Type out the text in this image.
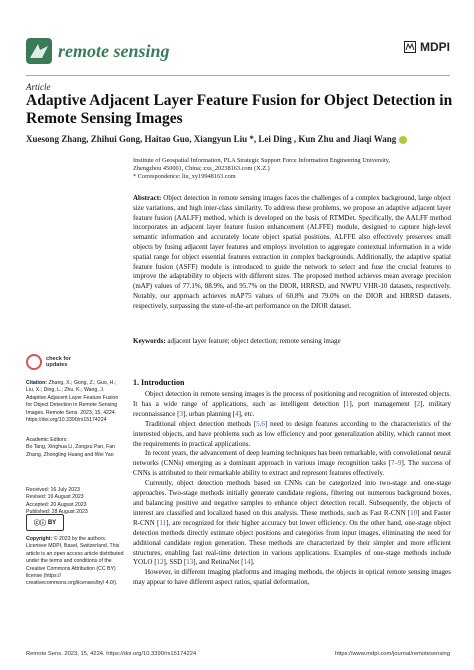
remote sensing	MDPI
Article
Adaptive Adjacent Layer Feature Fusion for Object Detection in Remote Sensing Images
Xuesong Zhang, Zhihui Gong, Haitao Guo, Xiangyun Liu *, Lei Ding , Kun Zhu and Jiaqi Wang
Institute of Geospatial Information, PLA Strategic Support Force Information Engineering University,
Zhengzhou 450001, China; zxs_20238163.com (X.Z.)
* Correspondence: liu_xy19948163.com
Abstract: Object detection in remote sensing images faces the challenges of a complex background, large object size variations, and high inter-class similarity. To address these problems, we propose an adaptive adjacent layer feature fusion (AALFF) method, which is developed on the basis of RTMDet. Specifically, the AALFF method incorporates an adjacent layer feature fusion enhancement (ALFFE) module, designed to capture high-level semantic information and accurately locate object spatial positions. ALFFE also effectively preserves small objects by fusing adjacent layer features and employs involution to aggregate contextual information in a wide spatial range for object essential features extraction in complex backgrounds. Additionally, the adaptive spatial feature fusion (ASFF) module is introduced to guide the network to select and fuse the crucial features to improve the adaptability to objects with different sizes. The proposed method achieves mean average precision (mAP) values of 77.1%, 88.9%, and 95.7% on the DIOR, HRRSD, and NWPU VHR-10 datasets, respectively. Notably, our approach achieves mAP75 values of 60.8% and 79.0% on the DIOR and HRRSD datasets, respectively, surpassing the state-of-the-art performance on the DIOR dataset.
Keywords: adjacent layer feature; object detection; remote sensing image
check for
updates
Citation: Zhang, X.; Gong, Z.; Guo, H.; Liu, X.; Ding, L.; Zhu, K.; Wang, J. Adaptive Adjacent Layer Feature Fusion for Object Detection in Remote Sensing Images. Remote Sens. 2023, 15, 4224. https://doi.org/10.3390/rs15174224
Academic Editors:
Bo Tang, Xinghua Li, Zongxu Pan, Fan Zhang, Zhongling Huang and Wei Yao
Received: 16 July 2023
Revised: 19 August 2023
Accepted: 20 August 2023
Published: 28 August 2023
ⓒⓘ BY
Copyright: © 2023 by the authors. Licensee MDPI, Basel, Switzerland. This article is an open access article distributed under the terms and conditions of the Creative Commons Attribution (CC BY) license (https:// creativecommons.org/licenses/by/ 4.0/).
1. Introduction

Object detection in remote sensing images is the process of positioning and recognition of interested objects. It has a wide range of applications, such as intelligent detection [1], port management [2], military reconnaissance [3], urban planning [4], etc.

Traditional object detection methods [5,6] need to design features according to the characteristics of the interested objects, and have problems such as low efficiency and poor generalization ability, which cannot meet the requirements in practical applications.

In recent years, the advancement of deep learning techniques has been remarkable, with convolutional neural networks (CNNs) emerging as a dominant approach in various image recognition tasks [7–9]. The success of CNNs is attributed to their remarkable ability to extract and represent features effectively.

Currently, object detection methods based on CNNs can be categorized into two-stage and one-stage approaches. Two-stage methods initially generate candidate regions, filtering out numerous background boxes, and balancing positive and negative samples to enhance object detection recall. Subsequently, the objects of interest are classified and localized based on this analysis. These methods, such as Fast R-CNN [10] and Faster R-CNN [11], are recognized for their higher accuracy but lower efficiency. On the other hand, one-stage object detection methods directly estimate object positions and categories from input images, eliminating the need for additional candidate region generation. These methods are characterized by their simpler and more efficient structures, enabling fast real-time detection in various applications. Examples of one-stage methods include YOLO [12], SSD [13], and RetinaNet [14].

However, in different imaging platforms and imaging methods, the objects in optical remote sensing images may appear to have different aspect ratios, spatial deformation,

Remote Sens. 2023, 15, 4224. https://doi.org/10.3390/rs15174224	https://www.mdpi.com/journal/remotesensing
